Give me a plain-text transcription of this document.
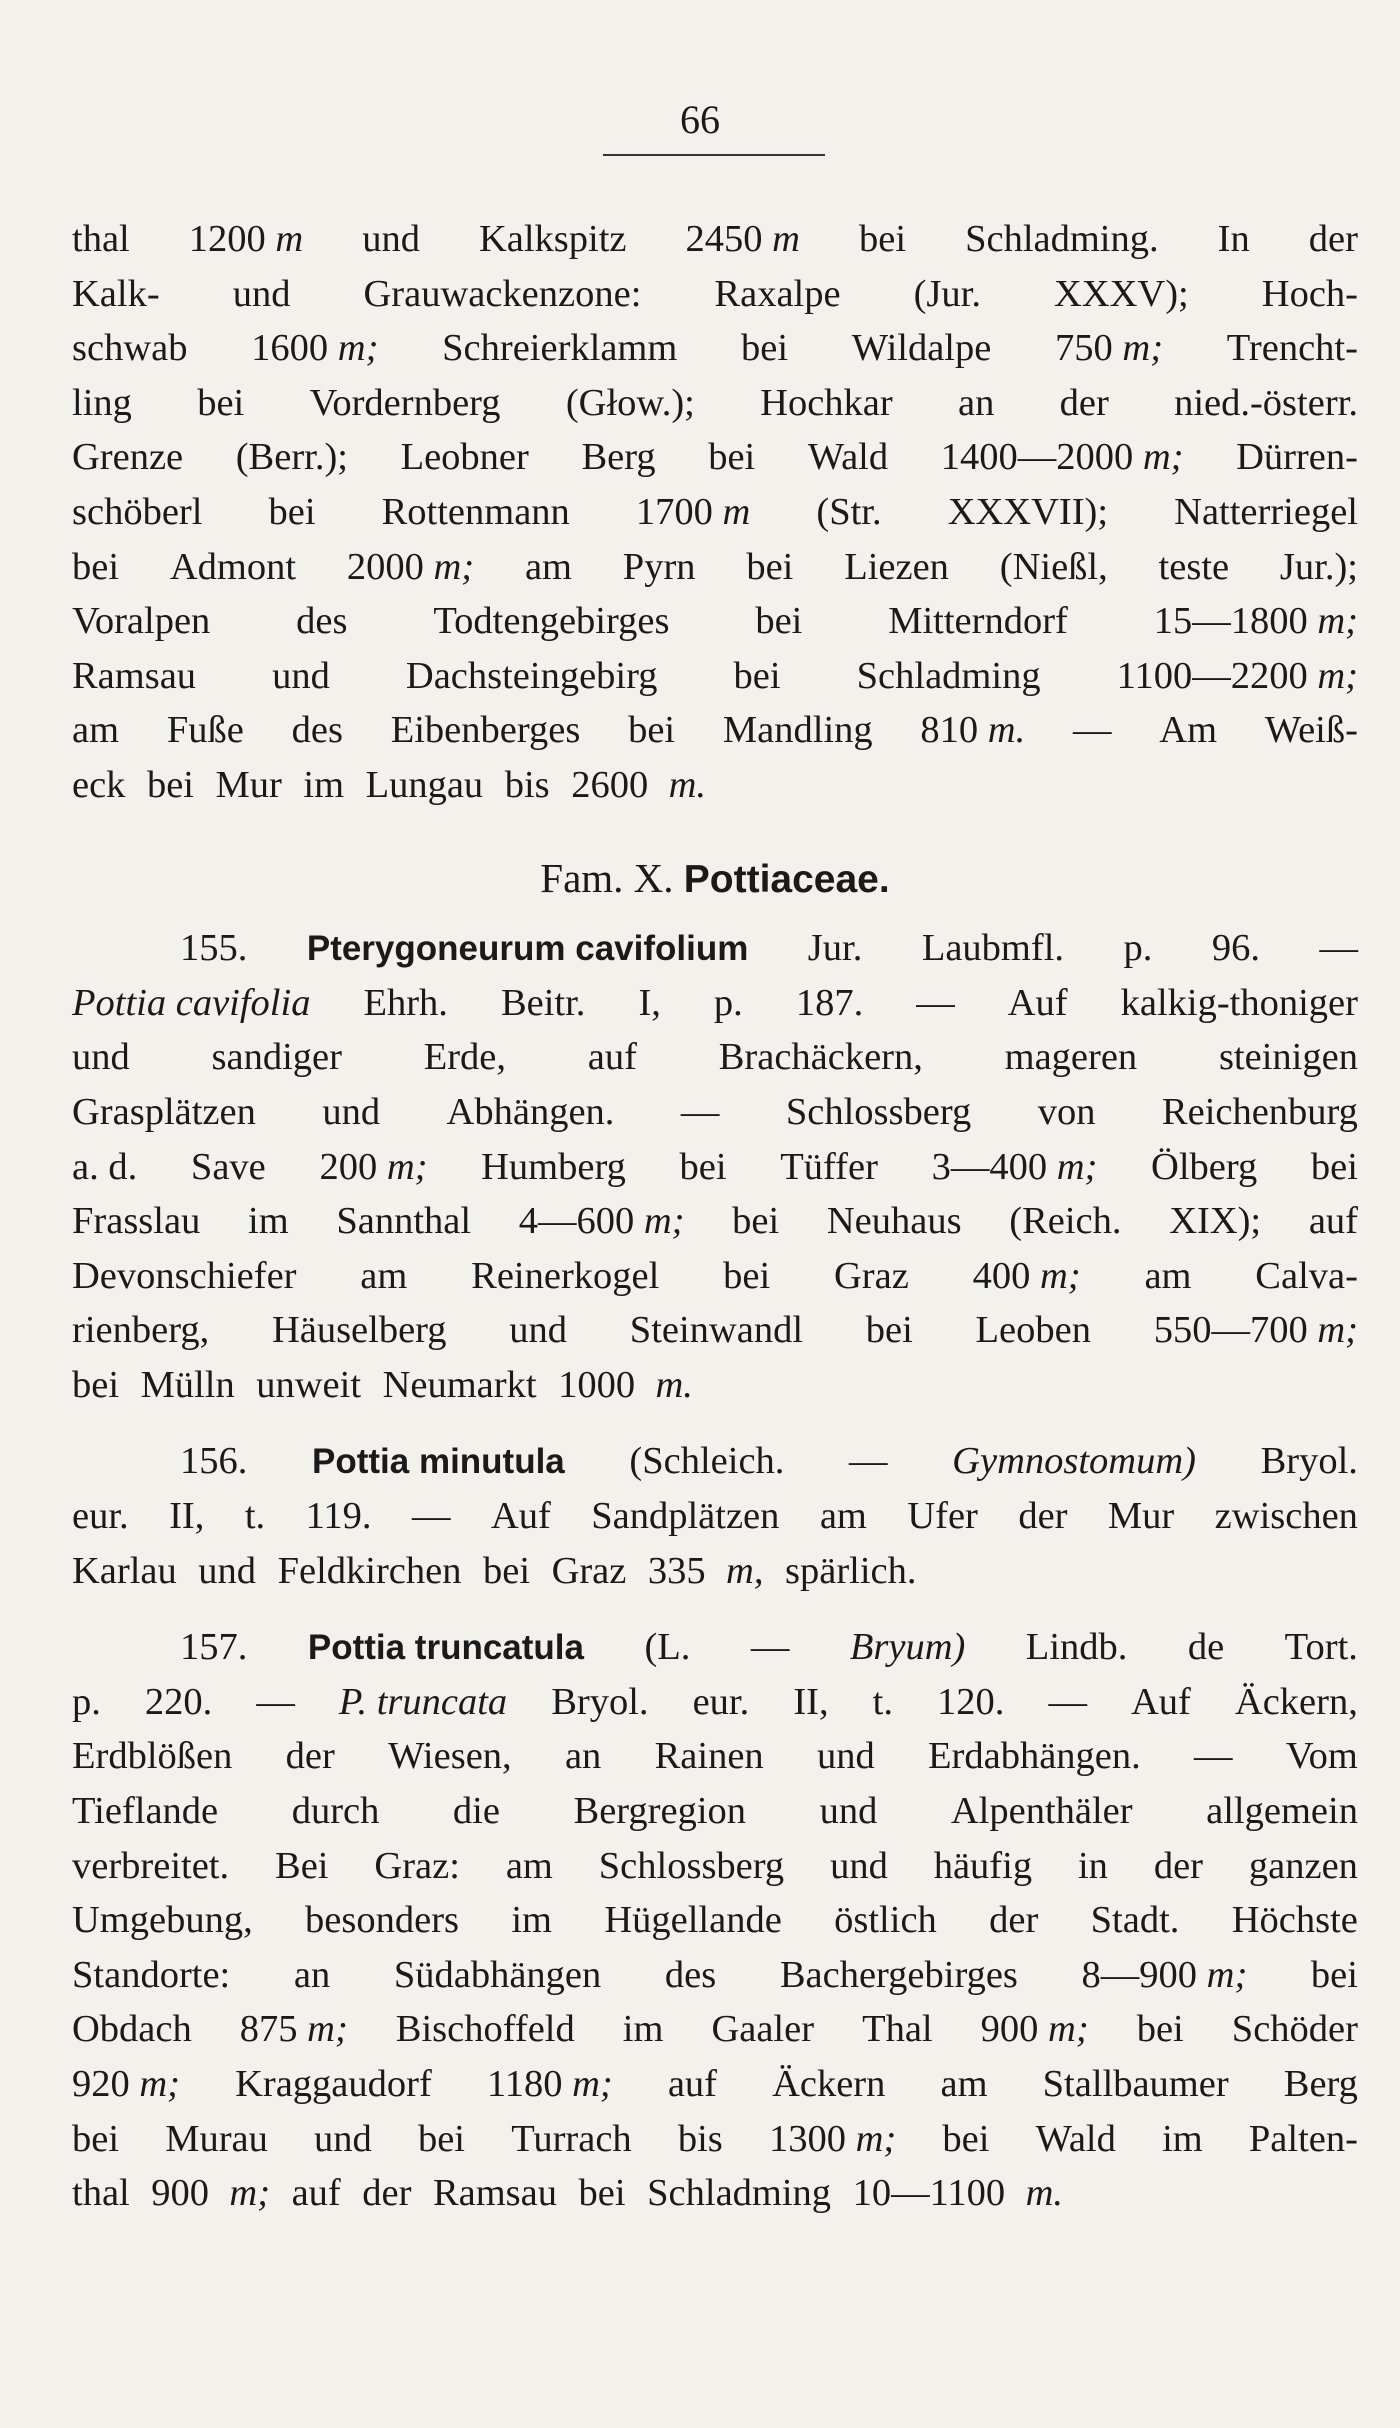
66
thal 1200 m und Kalkspitz 2450 m bei Schladming. In der
Kalk- und Grauwackenzone: Raxalpe (Jur. XXXV); Hoch-
schwab 1600 m; Schreierklamm bei Wildalpe 750 m; Trencht-
ling bei Vordernberg (Głow.); Hochkar an der nied.-österr.
Grenze (Berr.); Leobner Berg bei Wald 1400—2000 m; Dürren-
schöberl bei Rottenmann 1700 m (Str. XXXVII); Natterriegel
bei Admont 2000 m; am Pyrn bei Liezen (Nießl, teste Jur.);
Voralpen des Todtengebirges bei Mitterndorf 15—1800 m;
Ramsau und Dachsteingebirg bei Schladming 1100—2200 m;
am Fuße des Eibenberges bei Mandling 810 m. — Am Weiß-
eck bei Mur im Lungau bis 2600 m.
Fam. X. Pottiaceae.
155. Pterygoneurum cavifolium Jur. Laubmfl. p. 96. —
Pottia cavifolia Ehrh. Beitr. I, p. 187. — Auf kalkig-thoniger
und sandiger Erde, auf Brachäckern, mageren steinigen
Grasplätzen und Abhängen. — Schlossberg von Reichenburg
a. d. Save 200 m; Humberg bei Tüffer 3—400 m; Ölberg bei
Frasslau im Sannthal 4—600 m; bei Neuhaus (Reich. XIX); auf
Devonschiefer am Reinerkogel bei Graz 400 m; am Calva-
rienberg, Häuselberg und Steinwandl bei Leoben 550—700 m;
bei Mülln unweit Neumarkt 1000 m.
156. Pottia minutula (Schleich. — Gymnostomum) Bryol.
eur. II, t. 119. — Auf Sandplätzen am Ufer der Mur zwischen
Karlau und Feldkirchen bei Graz 335 m, spärlich.
157. Pottia truncatula (L. — Bryum) Lindb. de Tort.
p. 220. — P. truncata Bryol. eur. II, t. 120. — Auf Äckern,
Erdblößen der Wiesen, an Rainen und Erdabhängen. — Vom
Tieflande durch die Bergregion und Alpenthäler allgemein
verbreitet. Bei Graz: am Schlossberg und häufig in der ganzen
Umgebung, besonders im Hügellande östlich der Stadt. Höchste
Standorte: an Südabhängen des Bachergebirges 8—900 m; bei
Obdach 875 m; Bischoffeld im Gaaler Thal 900 m; bei Schöder
920 m; Kraggaudorf 1180 m; auf Äckern am Stallbaumer Berg
bei Murau und bei Turrach bis 1300 m; bei Wald im Palten-
thal 900 m; auf der Ramsau bei Schladming 10—1100 m.
